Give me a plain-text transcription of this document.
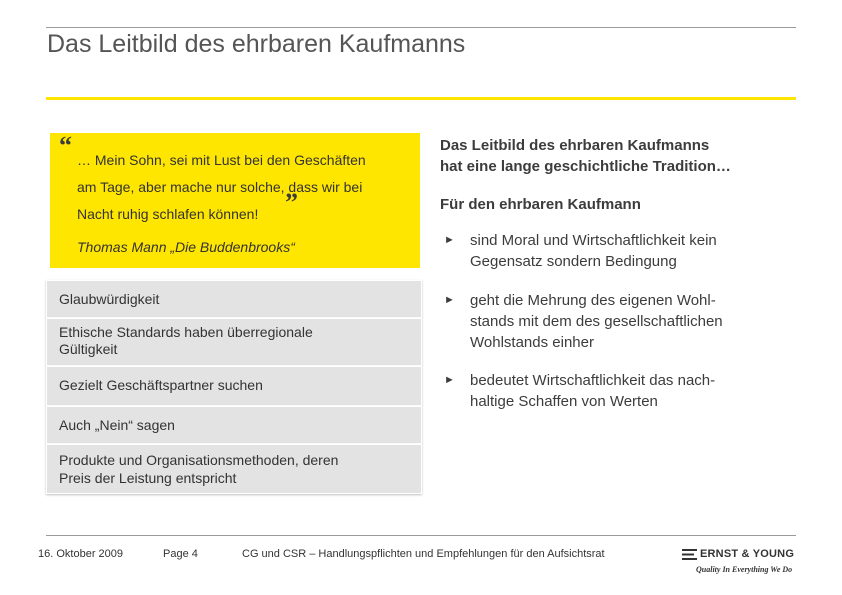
Das Leitbild des ehrbaren Kaufmanns
“ … Mein Sohn, sei mit Lust bei den Geschäften
am Tage, aber mache nur solche, dass wir bei
Nacht ruhig schlafen können! ”
Thomas Mann „Die Buddenbrooks“
Glaubwürdigkeit
Ethische Standards haben überregionale
Gültigkeit
Gezielt Geschäftspartner suchen
Auch „Nein“ sagen
Produkte und Organisationsmethoden, deren
Preis der Leistung entspricht
Das Leitbild des ehrbaren Kaufmanns
hat eine lange geschichtliche Tradition…
Für den ehrbaren Kaufmann
► sind Moral und Wirtschaftlichkeit kein
Gegensatz sondern Bedingung
► geht die Mehrung des eigenen Wohl-
stands mit dem des gesellschaftlichen
Wohlstands einher
► bedeutet Wirtschaftlichkeit das nach-
haltige Schaffen von Werten
16. Oktober 2009	Page 4	CG und CSR – Handlungspflichten und Empfehlungen für den Aufsichtsrat	ERNST & YOUNG
Quality In Everything We Do
